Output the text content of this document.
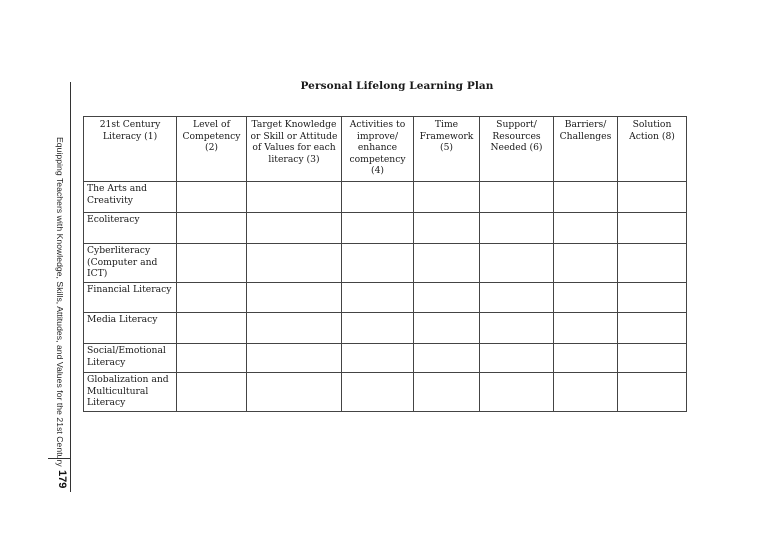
Equipping Teachers with Knowledge, Skills, Attitudes, and Values for the 21st Century
179
Personal Lifelong Learning Plan
21st Century
Literacy (1)	Level of
Competency
(2)	Target Knowledge
or Skill or Attitude
of Values for each
literacy (3)	Activities to
improve/
enhance
competency
(4)	Time
Framework
(5)	Support/
Resources
Needed (6)	Barriers/
Challenges	Solution
Action (8)

The Arts and
Creativity							

Ecoliteracy							

Cyberliteracy
(Computer and
ICT)							

Financial Literacy							

Media Literacy							

Social/Emotional
Literacy							

Globalization and
Multicultural
Literacy							
